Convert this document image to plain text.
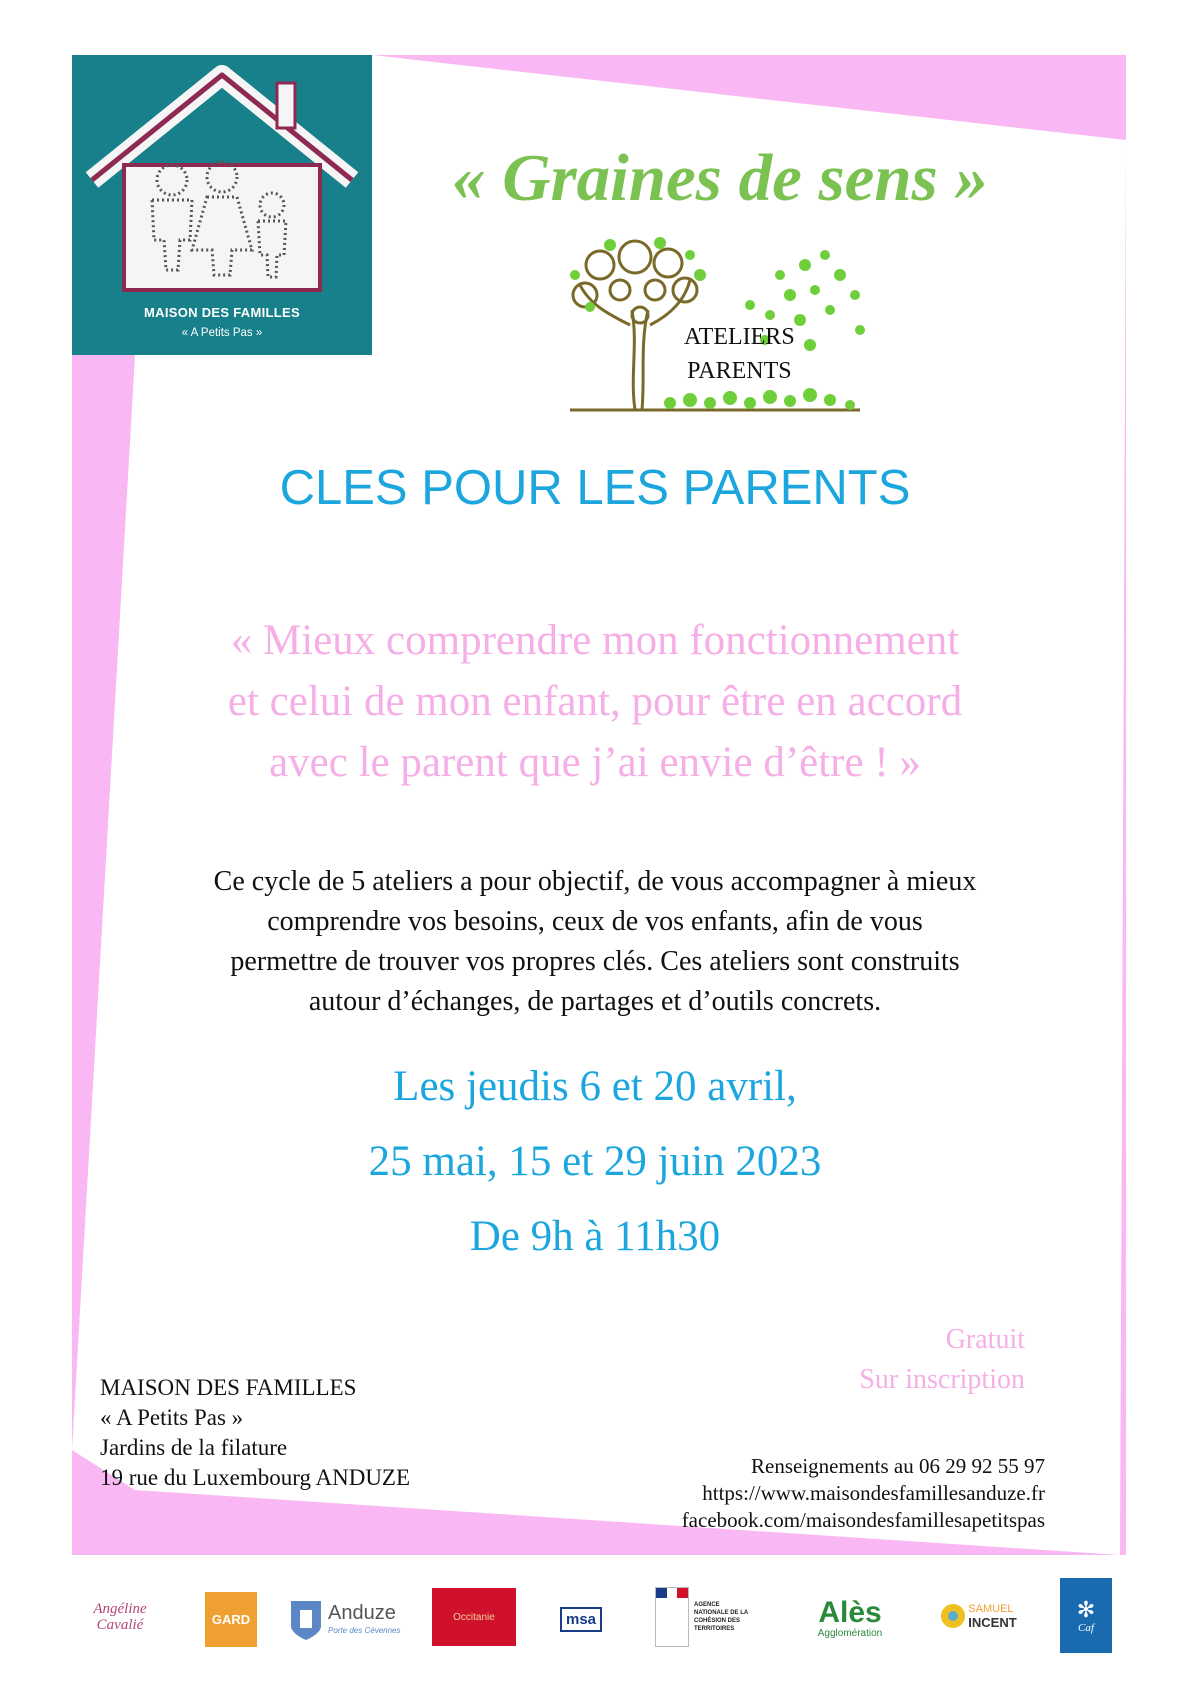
MAISON DES FAMILLES
« A Petits Pas »
« Graines de sens »
ATELIERS
PARENTS
CLES POUR LES PARENTS
« Mieux comprendre mon fonctionnement
et celui de mon enfant, pour être en accord
avec le parent que j’ai envie d’être ! »
Ce cycle de 5 ateliers a pour objectif, de vous accompagner à mieux
comprendre vos besoins, ceux de vos enfants, afin de vous
permettre de trouver vos propres clés. Ces ateliers sont construits
autour d’échanges, de partages et d’outils concrets.
Les jeudis 6 et 20 avril,
25 mai, 15 et 29 juin 2023
De 9h à 11h30
Gratuit
Sur inscription
MAISON DES FAMILLES
« A Petits Pas »
Jardins de la filature
19 rue du Luxembourg ANDUZE	Renseignements au 06 29 92 55 97
https://www.maisondesfamillesanduze.fr
facebook.com/maisondesfamillesapetitspas
Angéline Cavalié	GARD	Anduze
Porte des Cévennes
Occitanie	msa
AGENCE NATIONALE DE LA COHÉSION DES TERRITOIRES
Alès
Agglomération
SAMUEL
INCENT
✻
Caf
